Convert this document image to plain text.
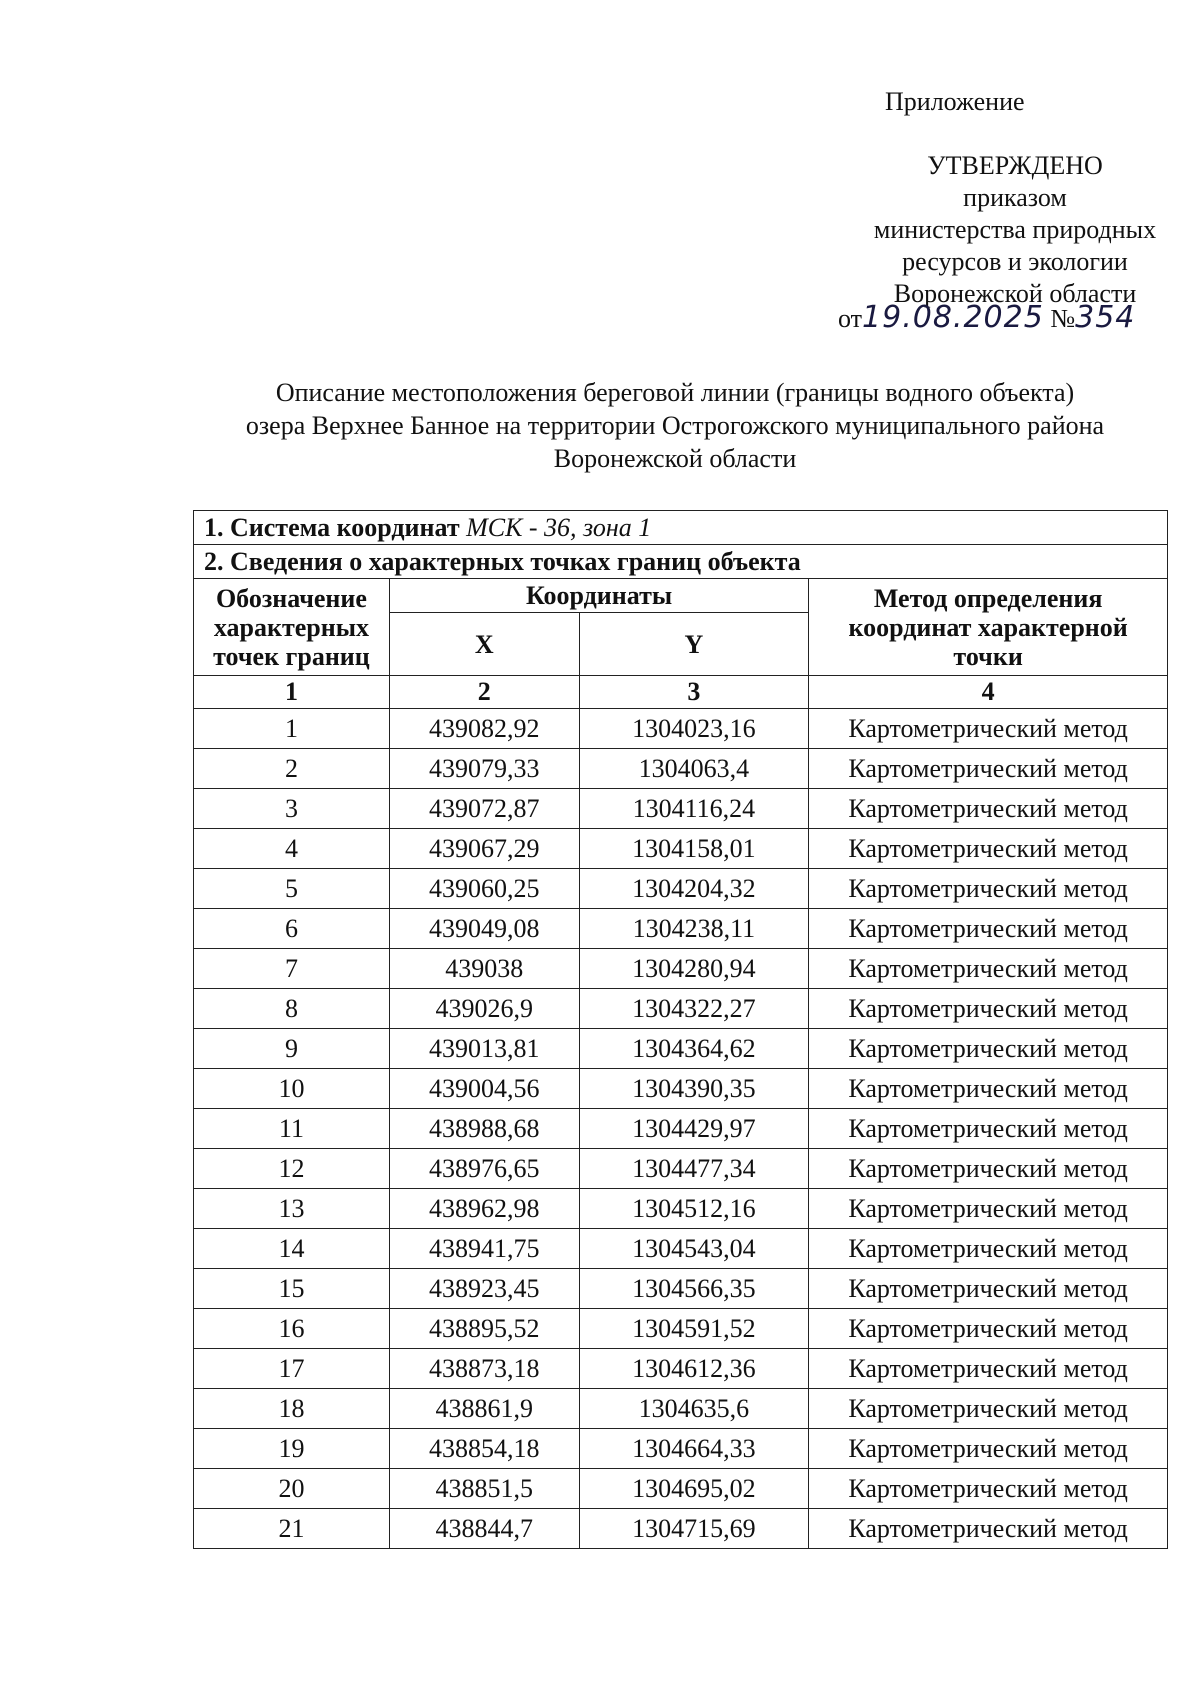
Приложение
УТВЕРЖДЕНО
приказом
министерства природных
ресурсов и экологии
Воронежской области
от19.08.2025 №354
Описание местоположения береговой линии (границы водного объекта)
озера Верхнее Банное на территории Острогожского муниципального района
Воронежской области
1. Система координат МСК - 36, зона 1			
2. Сведения о характерных точках границ объекта			
Обозначение характерных точек границ	Координаты		Метод определения координат характерной точки
	X	Y	
1	2	3	4
1	439082,92	1304023,16	Картометрический метод
2	439079,33	1304063,4	Картометрический метод
3	439072,87	1304116,24	Картометрический метод
4	439067,29	1304158,01	Картометрический метод
5	439060,25	1304204,32	Картометрический метод
6	439049,08	1304238,11	Картометрический метод
7	439038	1304280,94	Картометрический метод
8	439026,9	1304322,27	Картометрический метод
9	439013,81	1304364,62	Картометрический метод
10	439004,56	1304390,35	Картометрический метод
11	438988,68	1304429,97	Картометрический метод
12	438976,65	1304477,34	Картометрический метод
13	438962,98	1304512,16	Картометрический метод
14	438941,75	1304543,04	Картометрический метод
15	438923,45	1304566,35	Картометрический метод
16	438895,52	1304591,52	Картометрический метод
17	438873,18	1304612,36	Картометрический метод
18	438861,9	1304635,6	Картометрический метод
19	438854,18	1304664,33	Картометрический метод
20	438851,5	1304695,02	Картометрический метод
21	438844,7	1304715,69	Картометрический метод
